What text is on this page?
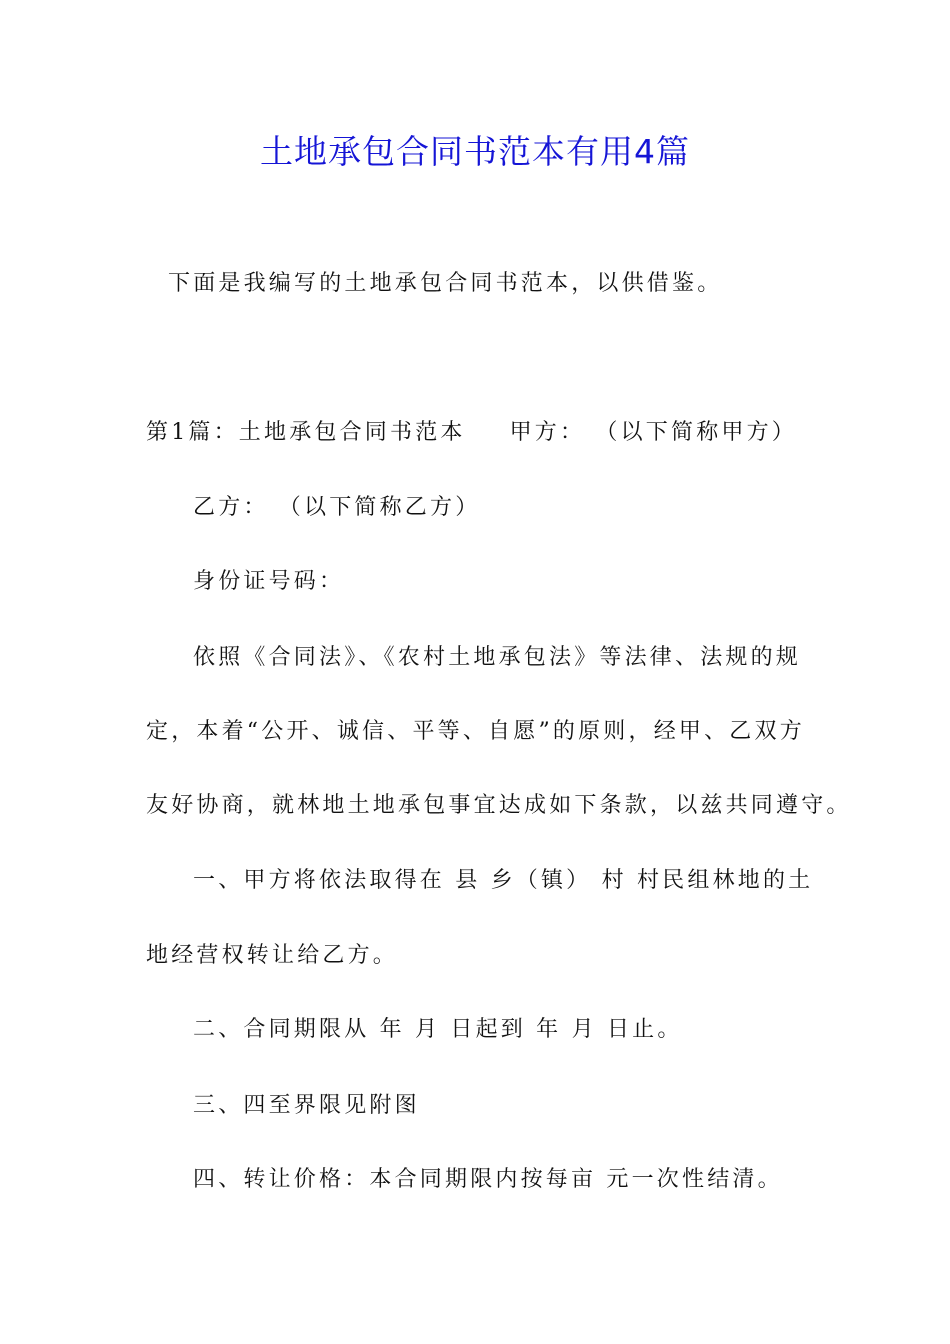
土地承包合同书范本有用4篇
下面是我编写的土地承包合同书范本，以供借鉴。
第1篇：土地承包合同书范本 甲方： （以下简称甲方）
乙方： （以下简称乙方）
身份证号码：
依照《合同法》、《农村土地承包法》等法律、法规的规
定，本着“公开、诚信、平等、自愿”的原则，经甲、乙双方
友好协商，就林地土地承包事宜达成如下条款，以兹共同遵守。
一、甲方将依法取得在 县 乡（镇） 村 村民组林地的土
地经营权转让给乙方。
二、合同期限从 年 月 日起到 年 月 日止。
三、四至界限见附图
四、转让价格：本合同期限内按每亩 元一次性结清。
